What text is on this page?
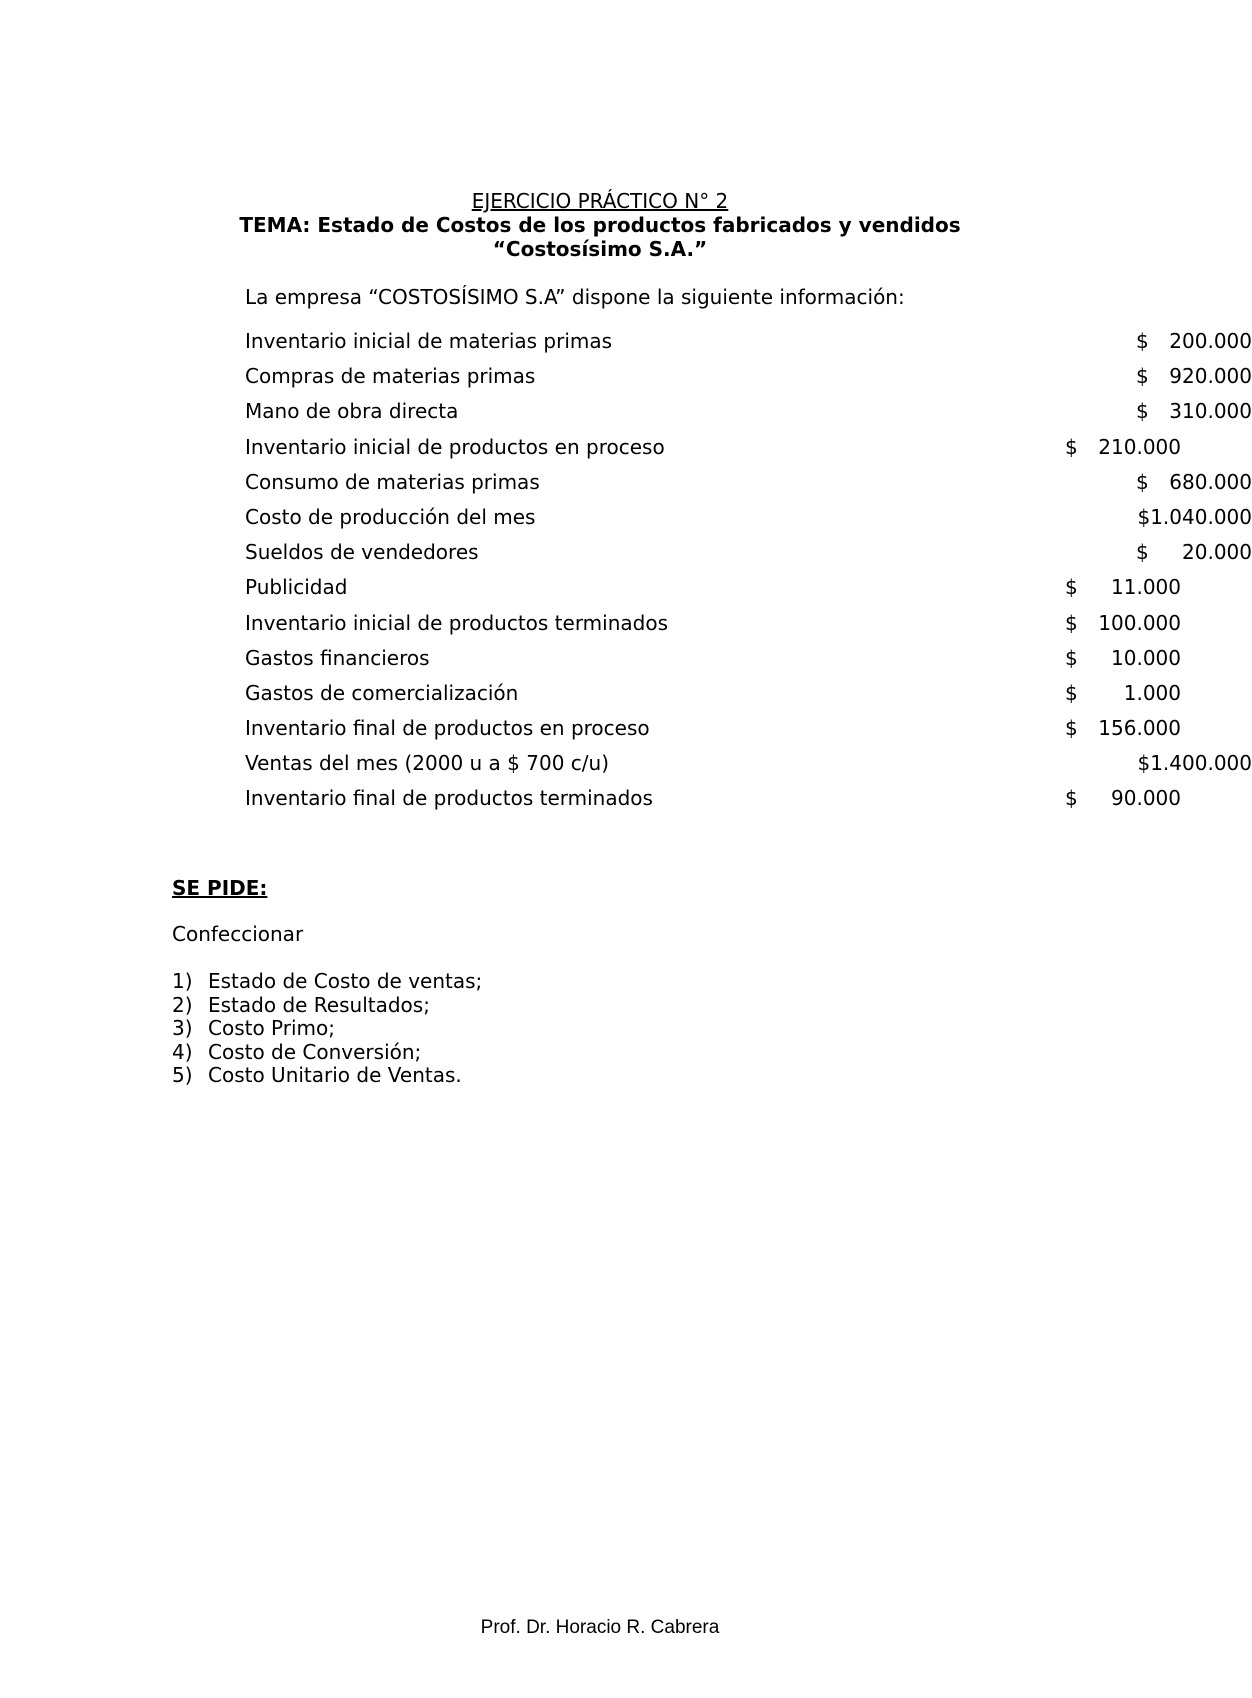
EJERCICIO PRÁCTICO N° 2
TEMA: Estado de Costos de los productos fabricados y vendidos
“Costosísimo S.A.”
La empresa “COSTOSÍSIMO S.A” dispone la siguiente información:
Inventario inicial de materias primas	$ 200.000
Compras de materias primas	$ 920.000
Mano de obra directa	$ 310.000
Inventario inicial de productos en proceso	$ 210.000
Consumo de materias primas	$ 680.000
Costo de producción del mes	$1.040.000
Sueldos de vendedores	$ 20.000
Publicidad	$ 11.000
Inventario inicial de productos terminados	$ 100.000
Gastos financieros	$ 10.000
Gastos de comercialización	$ 1.000
Inventario final de productos en proceso	$ 156.000
Ventas del mes (2000 u a $ 700 c/u)	$1.400.000
Inventario final de productos terminados	$ 90.000
SE PIDE:
Confeccionar
1) Estado de Costo de ventas;
2) Estado de Resultados;
3) Costo Primo;
4) Costo de Conversión;
5) Costo Unitario de Ventas.
Prof. Dr. Horacio R. Cabrera
